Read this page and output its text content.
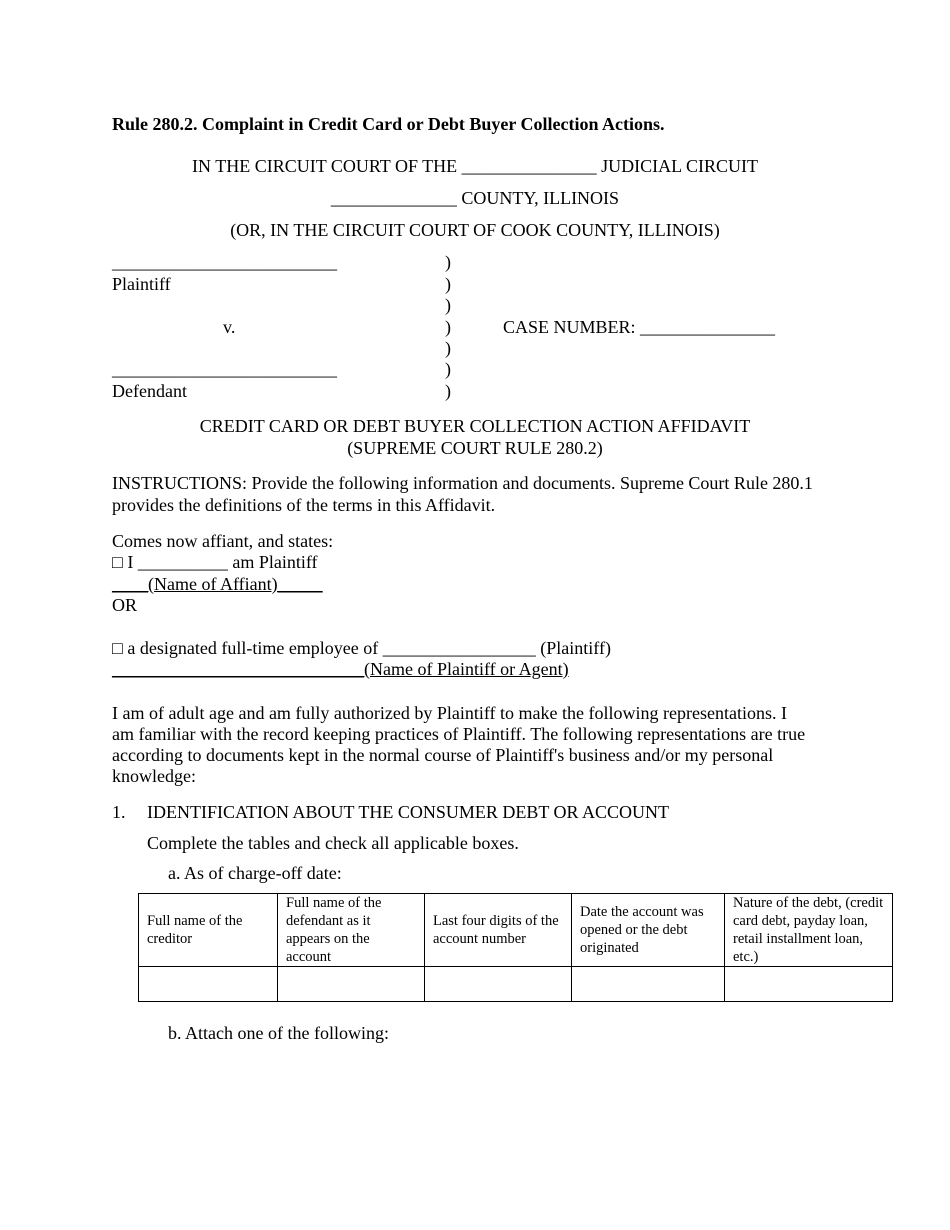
Rule 280.2. Complaint in Credit Card or Debt Buyer Collection Actions.
IN THE CIRCUIT COURT OF THE _______________ JUDICIAL CIRCUIT
______________ COUNTY, ILLINOIS
(OR, IN THE CIRCUIT COURT OF COOK COUNTY, ILLINOIS)
_________________________
Plaintiff
v.	CASE NUMBER: _______________
_________________________
Defendant
)
)
)
)
)
)
)
CREDIT CARD OR DEBT BUYER COLLECTION ACTION AFFIDAVIT
(SUPREME COURT RULE 280.2)
INSTRUCTIONS: Provide the following information and documents. Supreme Court Rule 280.1
provides the definitions of the terms in this Affidavit.
Comes now affiant, and states:
□ I __________ am Plaintiff
____(Name of Affiant)_____
OR
□ a designated full-time employee of _________________ (Plaintiff)
____________________________(Name of Plaintiff or Agent)
I am of adult age and am fully authorized by Plaintiff to make the following representations. I
am familiar with the record keeping practices of Plaintiff. The following representations are true
according to documents kept in the normal course of Plaintiff's business and/or my personal
knowledge:
1. IDENTIFICATION ABOUT THE CONSUMER DEBT OR ACCOUNT
Complete the tables and check all applicable boxes.
a. As of charge-off date:
Full name of the creditor	Full name of the defendant as it appears on the account	Last four digits of the account number	Date the account was opened or the debt originated	Nature of the debt, (credit card debt, payday loan, retail installment loan, etc.)

b. Attach one of the following:
